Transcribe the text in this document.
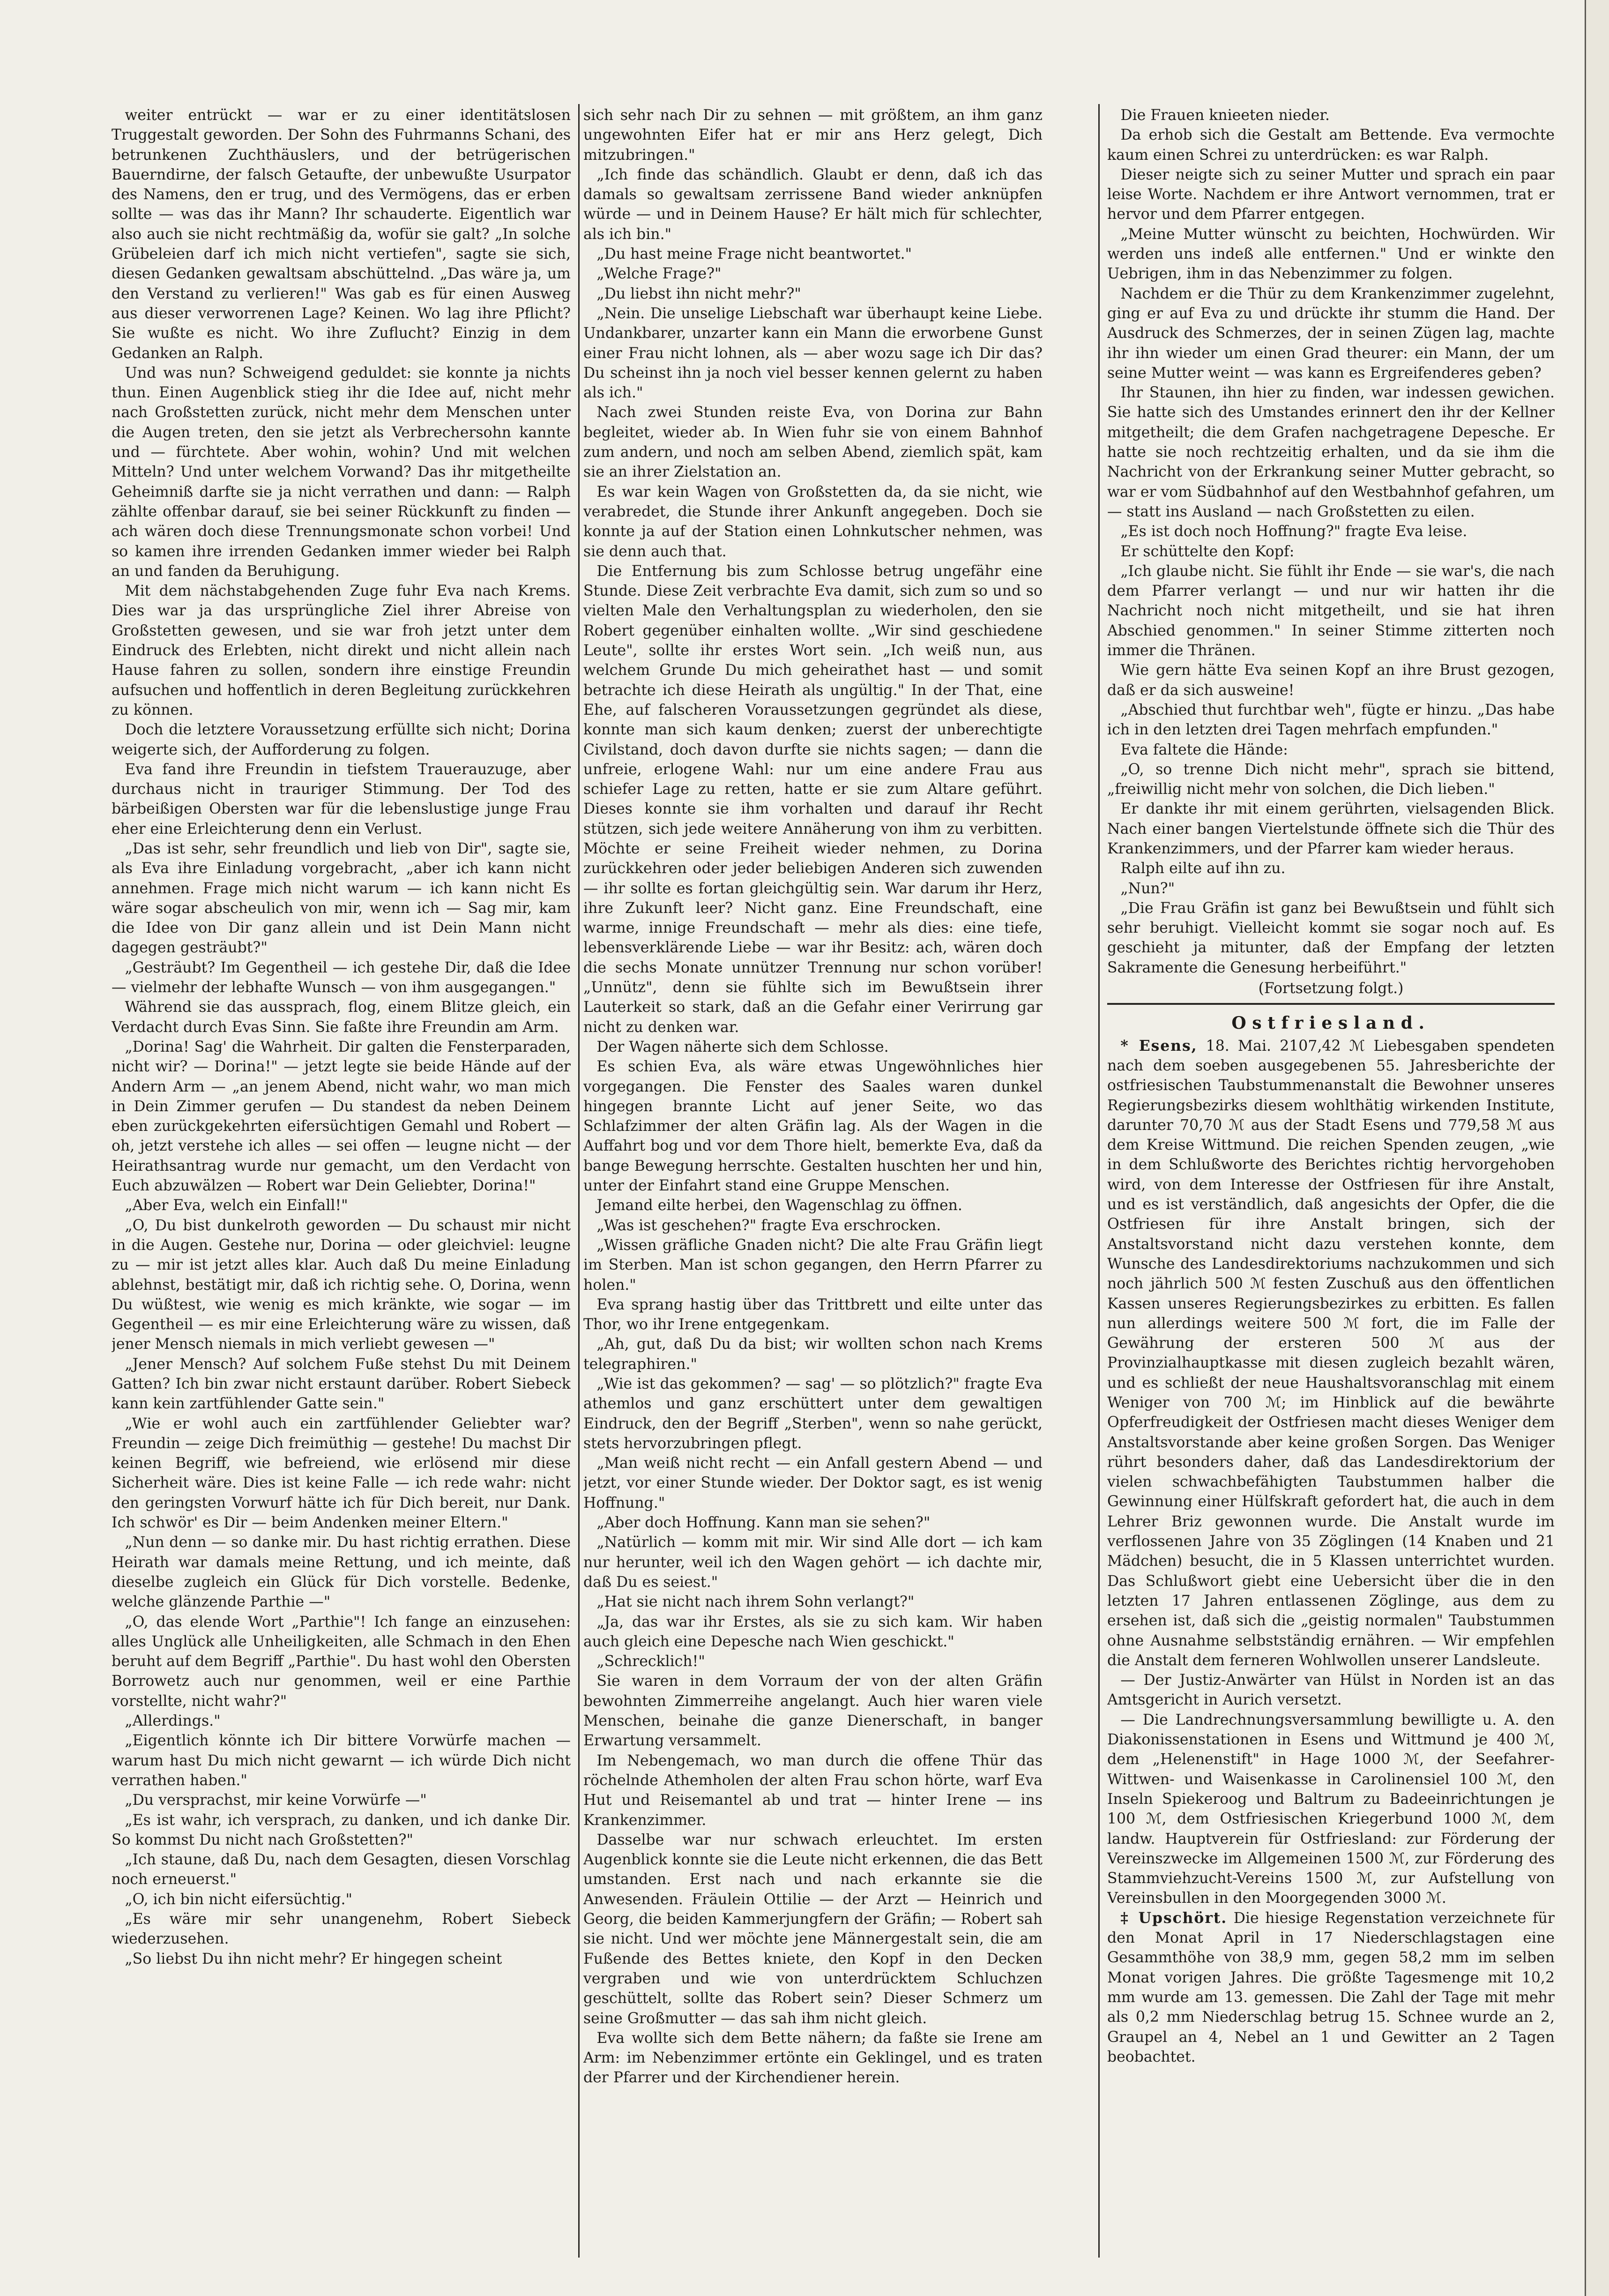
weiter entrückt — war er zu einer identitätslosen Truggestalt geworden. Der Sohn des Fuhrmanns Schani, des betrunkenen Zuchthäuslers, und der betrügerischen Bauerndirne, der falsch Getaufte, der unbewußte Usurpator des Namens, den er trug, und des Vermögens, das er erben sollte — was das ihr Mann? Ihr schauderte. Eigentlich war also auch sie nicht rechtmäßig da, wofür sie galt? „In solche Grübeleien darf ich mich nicht vertiefen", sagte sie sich, diesen Gedanken gewaltsam abschüttelnd. „Das wäre ja, um den Verstand zu verlieren!" Was gab es für einen Ausweg aus dieser verworrenen Lage? Keinen. Wo lag ihre Pflicht? Sie wußte es nicht. Wo ihre Zuflucht? Einzig in dem Gedanken an Ralph.

Und was nun? Schweigend geduldet: sie konnte ja nichts thun. Einen Augenblick stieg ihr die Idee auf, nicht mehr nach Großstetten zurück, nicht mehr dem Menschen unter die Augen treten, den sie jetzt als Verbrechersohn kannte und — fürchtete. Aber wohin, wohin? Und mit welchen Mitteln? Und unter welchem Vorwand? Das ihr mitgetheilte Geheimniß darfte sie ja nicht verrathen und dann: — Ralph zählte offenbar darauf, sie bei seiner Rückkunft zu finden — ach wären doch diese Trennungsmonate schon vorbei! Und so kamen ihre irrenden Gedanken immer wieder bei Ralph an und fanden da Beruhigung.

Mit dem nächstabgehenden Zuge fuhr Eva nach Krems. Dies war ja das ursprüngliche Ziel ihrer Abreise von Großstetten gewesen, und sie war froh jetzt unter dem Eindruck des Erlebten, nicht direkt und nicht allein nach Hause fahren zu sollen, sondern ihre einstige Freundin aufsuchen und hoffentlich in deren Begleitung zurückkehren zu können.

Doch die letztere Voraussetzung erfüllte sich nicht; Dorina weigerte sich, der Aufforderung zu folgen.

Eva fand ihre Freundin in tiefstem Trauerauzuge, aber durchaus nicht in trauriger Stimmung. Der Tod des bärbeißigen Obersten war für die lebenslustige junge Frau eher eine Erleichterung denn ein Verlust.

„Das ist sehr, sehr freundlich und lieb von Dir", sagte sie, als Eva ihre Einladung vorgebracht, „aber ich kann nicht annehmen. Frage mich nicht warum — ich kann nicht Es wäre sogar abscheulich von mir, wenn ich — Sag mir, kam die Idee von Dir ganz allein und ist Dein Mann nicht dagegen gesträubt?"

„Gesträubt? Im Gegentheil — ich gestehe Dir, daß die Idee — vielmehr der lebhafte Wunsch — von ihm ausgegangen."

Während sie das aussprach, flog, einem Blitze gleich, ein Verdacht durch Evas Sinn. Sie faßte ihre Freundin am Arm.

„Dorina! Sag' die Wahrheit. Dir galten die Fensterparaden, nicht wir? — Dorina!" — jetzt legte sie beide Hände auf der Andern Arm — „an jenem Abend, nicht wahr, wo man mich in Dein Zimmer gerufen — Du standest da neben Deinem eben zurückgekehrten eifersüchtigen Gemahl und Robert — oh, jetzt verstehe ich alles — sei offen — leugne nicht — der Heirathsantrag wurde nur gemacht, um den Verdacht von Euch abzuwälzen — Robert war Dein Geliebter, Dorina!"

„Aber Eva, welch ein Einfall!"

„O, Du bist dunkelroth geworden — Du schaust mir nicht in die Augen. Gestehe nur, Dorina — oder gleichviel: leugne zu — mir ist jetzt alles klar. Auch daß Du meine Einladung ablehnst, bestätigt mir, daß ich richtig sehe. O, Dorina, wenn Du wüßtest, wie wenig es mich kränkte, wie sogar — im Gegentheil — es mir eine Erleichterung wäre zu wissen, daß jener Mensch niemals in mich verliebt gewesen —"

„Jener Mensch? Auf solchem Fuße stehst Du mit Deinem Gatten? Ich bin zwar nicht erstaunt darüber. Robert Siebeck kann kein zartfühlender Gatte sein."

„Wie er wohl auch ein zartfühlender Geliebter war? Freundin — zeige Dich freimüthig — gestehe! Du machst Dir keinen Begriff, wie befreiend, wie erlösend mir diese Sicherheit wäre. Dies ist keine Falle — ich rede wahr: nicht den geringsten Vorwurf hätte ich für Dich bereit, nur Dank. Ich schwör' es Dir — beim Andenken meiner Eltern."

„Nun denn — so danke mir. Du hast richtig errathen. Diese Heirath war damals meine Rettung, und ich meinte, daß dieselbe zugleich ein Glück für Dich vorstelle. Bedenke, welche glänzende Parthie —"

„O, das elende Wort „Parthie"! Ich fange an einzusehen: alles Unglück alle Unheiligkeiten, alle Schmach in den Ehen beruht auf dem Begriff „Parthie". Du hast wohl den Obersten Borrowetz auch nur genommen, weil er eine Parthie vorstellte, nicht wahr?"

„Allerdings."

„Eigentlich könnte ich Dir bittere Vorwürfe machen — warum hast Du mich nicht gewarnt — ich würde Dich nicht verrathen haben."

„Du versprachst, mir keine Vorwürfe —"

„Es ist wahr, ich versprach, zu danken, und ich danke Dir. So kommst Du nicht nach Großstetten?"

„Ich staune, daß Du, nach dem Gesagten, diesen Vorschlag noch erneuerst."

„O, ich bin nicht eifersüchtig."

„Es wäre mir sehr unangenehm, Robert Siebeck wiederzusehen.

„So liebst Du ihn nicht mehr? Er hingegen scheint

sich sehr nach Dir zu sehnen — mit größtem, an ihm ganz ungewohnten Eifer hat er mir ans Herz gelegt, Dich mitzubringen."

„Ich finde das schändlich. Glaubt er denn, daß ich das damals so gewaltsam zerrissene Band wieder anknüpfen würde — und in Deinem Hause? Er hält mich für schlechter, als ich bin."

„Du hast meine Frage nicht beantwortet."

„Welche Frage?"

„Du liebst ihn nicht mehr?"

„Nein. Die unselige Liebschaft war überhaupt keine Liebe. Undankbarer, unzarter kann ein Mann die erworbene Gunst einer Frau nicht lohnen, als — aber wozu sage ich Dir das? Du scheinst ihn ja noch viel besser kennen gelernt zu haben als ich."

Nach zwei Stunden reiste Eva, von Dorina zur Bahn begleitet, wieder ab. In Wien fuhr sie von einem Bahnhof zum andern, und noch am selben Abend, ziemlich spät, kam sie an ihrer Zielstation an.

Es war kein Wagen von Großstetten da, da sie nicht, wie verabredet, die Stunde ihrer Ankunft angegeben. Doch sie konnte ja auf der Station einen Lohnkutscher nehmen, was sie denn auch that.

Die Entfernung bis zum Schlosse betrug ungefähr eine Stunde. Diese Zeit verbrachte Eva damit, sich zum so und so vielten Male den Verhaltungsplan zu wiederholen, den sie Robert gegenüber einhalten wollte. „Wir sind geschiedene Leute", sollte ihr erstes Wort sein. „Ich weiß nun, aus welchem Grunde Du mich geheirathet hast — und somit betrachte ich diese Heirath als ungültig." In der That, eine Ehe, auf falscheren Voraussetzungen gegründet als diese, konnte man sich kaum denken; zuerst der unberechtigte Civilstand, doch davon durfte sie nichts sagen; — dann die unfreie, erlogene Wahl: nur um eine andere Frau aus schiefer Lage zu retten, hatte er sie zum Altare geführt. Dieses konnte sie ihm vorhalten und darauf ihr Recht stützen, sich jede weitere Annäherung von ihm zu verbitten. Möchte er seine Freiheit wieder nehmen, zu Dorina zurückkehren oder jeder beliebigen Anderen sich zuwenden — ihr sollte es fortan gleichgültig sein. War darum ihr Herz, ihre Zukunft leer? Nicht ganz. Eine Freundschaft, eine warme, innige Freundschaft — mehr als dies: eine tiefe, lebensverklärende Liebe — war ihr Besitz: ach, wären doch die sechs Monate unnützer Trennung nur schon vorüber! „Unnütz", denn sie fühlte sich im Bewußtsein ihrer Lauterkeit so stark, daß an die Gefahr einer Verirrung gar nicht zu denken war.

Der Wagen näherte sich dem Schlosse.

Es schien Eva, als wäre etwas Ungewöhnliches hier vorgegangen. Die Fenster des Saales waren dunkel hingegen brannte Licht auf jener Seite, wo das Schlafzimmer der alten Gräfin lag. Als der Wagen in die Auffahrt bog und vor dem Thore hielt, bemerkte Eva, daß da bange Bewegung herrschte. Gestalten huschten her und hin, unter der Einfahrt stand eine Gruppe Menschen.

Jemand eilte herbei, den Wagenschlag zu öffnen.

„Was ist geschehen?" fragte Eva erschrocken.

„Wissen gräfliche Gnaden nicht? Die alte Frau Gräfin liegt im Sterben. Man ist schon gegangen, den Herrn Pfarrer zu holen."

Eva sprang hastig über das Trittbrett und eilte unter das Thor, wo ihr Irene entgegenkam.

„Ah, gut, daß Du da bist; wir wollten schon nach Krems telegraphiren."

„Wie ist das gekommen? — sag' — so plötzlich?" fragte Eva athemlos und ganz erschüttert unter dem gewaltigen Eindruck, den der Begriff „Sterben", wenn so nahe gerückt, stets hervorzubringen pflegt.

„Man weiß nicht recht — ein Anfall gestern Abend — und jetzt, vor einer Stunde wieder. Der Doktor sagt, es ist wenig Hoffnung."

„Aber doch Hoffnung. Kann man sie sehen?"

„Natürlich — komm mit mir. Wir sind Alle dort — ich kam nur herunter, weil ich den Wagen gehört — ich dachte mir, daß Du es seiest."

„Hat sie nicht nach ihrem Sohn verlangt?"

„Ja, das war ihr Erstes, als sie zu sich kam. Wir haben auch gleich eine Depesche nach Wien geschickt."

„Schrecklich!"

Sie waren in dem Vorraum der von der alten Gräfin bewohnten Zimmerreihe angelangt. Auch hier waren viele Menschen, beinahe die ganze Dienerschaft, in banger Erwartung versammelt.

Im Nebengemach, wo man durch die offene Thür das röchelnde Athemholen der alten Frau schon hörte, warf Eva Hut und Reisemantel ab und trat — hinter Irene — ins Krankenzimmer.

Dasselbe war nur schwach erleuchtet. Im ersten Augenblick konnte sie die Leute nicht erkennen, die das Bett umstanden. Erst nach und nach erkannte sie die Anwesenden. Fräulein Ottilie — der Arzt — Heinrich und Georg, die beiden Kammerjungfern der Gräfin; — Robert sah sie nicht. Und wer möchte jene Männergestalt sein, die am Fußende des Bettes kniete, den Kopf in den Decken vergraben und wie von unterdrücktem Schluchzen geschüttelt, sollte das Robert sein? Dieser Schmerz um seine Großmutter — das sah ihm nicht gleich.

Eva wollte sich dem Bette nähern; da faßte sie Irene am Arm: im Nebenzimmer ertönte ein Geklingel, und es traten der Pfarrer und der Kirchendiener herein.

Die Frauen knieeten nieder.

Da erhob sich die Gestalt am Bettende. Eva vermochte kaum einen Schrei zu unterdrücken: es war Ralph.

Dieser neigte sich zu seiner Mutter und sprach ein paar leise Worte. Nachdem er ihre Antwort vernommen, trat er hervor und dem Pfarrer entgegen.

„Meine Mutter wünscht zu beichten, Hochwürden. Wir werden uns indeß alle entfernen." Und er winkte den Uebrigen, ihm in das Nebenzimmer zu folgen.

Nachdem er die Thür zu dem Krankenzimmer zugelehnt, ging er auf Eva zu und drückte ihr stumm die Hand. Der Ausdruck des Schmerzes, der in seinen Zügen lag, machte ihr ihn wieder um einen Grad theurer: ein Mann, der um seine Mutter weint — was kann es Ergreifenderes geben?

Ihr Staunen, ihn hier zu finden, war indessen gewichen. Sie hatte sich des Umstandes erinnert den ihr der Kellner mitgetheilt; die dem Grafen nachgetragene Depesche. Er hatte sie noch rechtzeitig erhalten, und da sie ihm die Nachricht von der Erkrankung seiner Mutter gebracht, so war er vom Südbahnhof auf den Westbahnhof gefahren, um — statt ins Ausland — nach Großstetten zu eilen.

„Es ist doch noch Hoffnung?" fragte Eva leise.

Er schüttelte den Kopf:

„Ich glaube nicht. Sie fühlt ihr Ende — sie war's, die nach dem Pfarrer verlangt — und nur wir hatten ihr die Nachricht noch nicht mitgetheilt, und sie hat ihren Abschied genommen." In seiner Stimme zitterten noch immer die Thränen.

Wie gern hätte Eva seinen Kopf an ihre Brust gezogen, daß er da sich ausweine!

„Abschied thut furchtbar weh", fügte er hinzu. „Das habe ich in den letzten drei Tagen mehrfach empfunden."

Eva faltete die Hände:

„O, so trenne Dich nicht mehr", sprach sie bittend, „freiwillig nicht mehr von solchen, die Dich lieben."

Er dankte ihr mit einem gerührten, vielsagenden Blick. Nach einer bangen Viertelstunde öffnete sich die Thür des Krankenzimmers, und der Pfarrer kam wieder heraus.

Ralph eilte auf ihn zu.

„Nun?"

„Die Frau Gräfin ist ganz bei Bewußtsein und fühlt sich sehr beruhigt. Vielleicht kommt sie sogar noch auf. Es geschieht ja mitunter, daß der Empfang der letzten Sakramente die Genesung herbeiführt."

(Fortsetzung folgt.)

Ostfriesland.

* Esens, 18. Mai. 2107,42 ℳ Liebesgaben spendeten nach dem soeben ausgegebenen 55. Jahresberichte der ostfriesischen Taubstummenanstalt die Bewohner unseres Regierungsbezirks diesem wohlthätig wirkenden Institute, darunter 70,70 ℳ aus der Stadt Esens und 779,58 ℳ aus dem Kreise Wittmund. Die reichen Spenden zeugen, „wie in dem Schlußworte des Berichtes richtig hervorgehoben wird, von dem Interesse der Ostfriesen für ihre Anstalt, und es ist verständlich, daß angesichts der Opfer, die die Ostfriesen für ihre Anstalt bringen, sich der Anstaltsvorstand nicht dazu verstehen konnte, dem Wunsche des Landesdirektoriums nachzukommen und sich noch jährlich 500 ℳ festen Zuschuß aus den öffentlichen Kassen unseres Regierungsbezirkes zu erbitten. Es fallen nun allerdings weitere 500 ℳ fort, die im Falle der Gewährung der ersteren 500 ℳ aus der Provinzialhauptkasse mit diesen zugleich bezahlt wären, und es schließt der neue Haushaltsvoranschlag mit einem Weniger von 700 ℳ; im Hinblick auf die bewährte Opferfreudigkeit der Ostfriesen macht dieses Weniger dem Anstaltsvorstande aber keine großen Sorgen. Das Weniger rührt besonders daher, daß das Landesdirektorium der vielen schwachbefähigten Taubstummen halber die Gewinnung einer Hülfskraft gefordert hat, die auch in dem Lehrer Briz gewonnen wurde. Die Anstalt wurde im verflossenen Jahre von 35 Zöglingen (14 Knaben und 21 Mädchen) besucht, die in 5 Klassen unterrichtet wurden. Das Schlußwort giebt eine Uebersicht über die in den letzten 17 Jahren entlassenen Zöglinge, aus dem zu ersehen ist, daß sich die „geistig normalen" Taubstummen ohne Ausnahme selbstständig ernähren. — Wir empfehlen die Anstalt dem ferneren Wohlwollen unserer Landsleute.

— Der Justiz-Anwärter van Hülst in Norden ist an das Amtsgericht in Aurich versetzt.

— Die Landrechnungsversammlung bewilligte u. A. den Diakonissenstationen in Esens und Wittmund je 400 ℳ, dem „Helenenstift" in Hage 1000 ℳ, der Seefahrer-Wittwen- und Waisenkasse in Carolinensiel 100 ℳ, den Inseln Spiekeroog und Baltrum zu Badeeinrichtungen je 100 ℳ, dem Ostfriesischen Kriegerbund 1000 ℳ, dem landw. Hauptverein für Ostfriesland: zur Förderung der Vereinszwecke im Allgemeinen 1500 ℳ, zur Förderung des Stammviehzucht-Vereins 1500 ℳ, zur Aufstellung von Vereinsbullen in den Moorgegenden 3000 ℳ.

‡ Upschört. Die hiesige Regenstation verzeichnete für den Monat April in 17 Niederschlagstagen eine Gesammthöhe von 38,9 mm, gegen 58,2 mm im selben Monat vorigen Jahres. Die größte Tagesmenge mit 10,2 mm wurde am 13. gemessen. Die Zahl der Tage mit mehr als 0,2 mm Niederschlag betrug 15. Schnee wurde an 2, Graupel an 4, Nebel an 1 und Gewitter an 2 Tagen beobachtet.
